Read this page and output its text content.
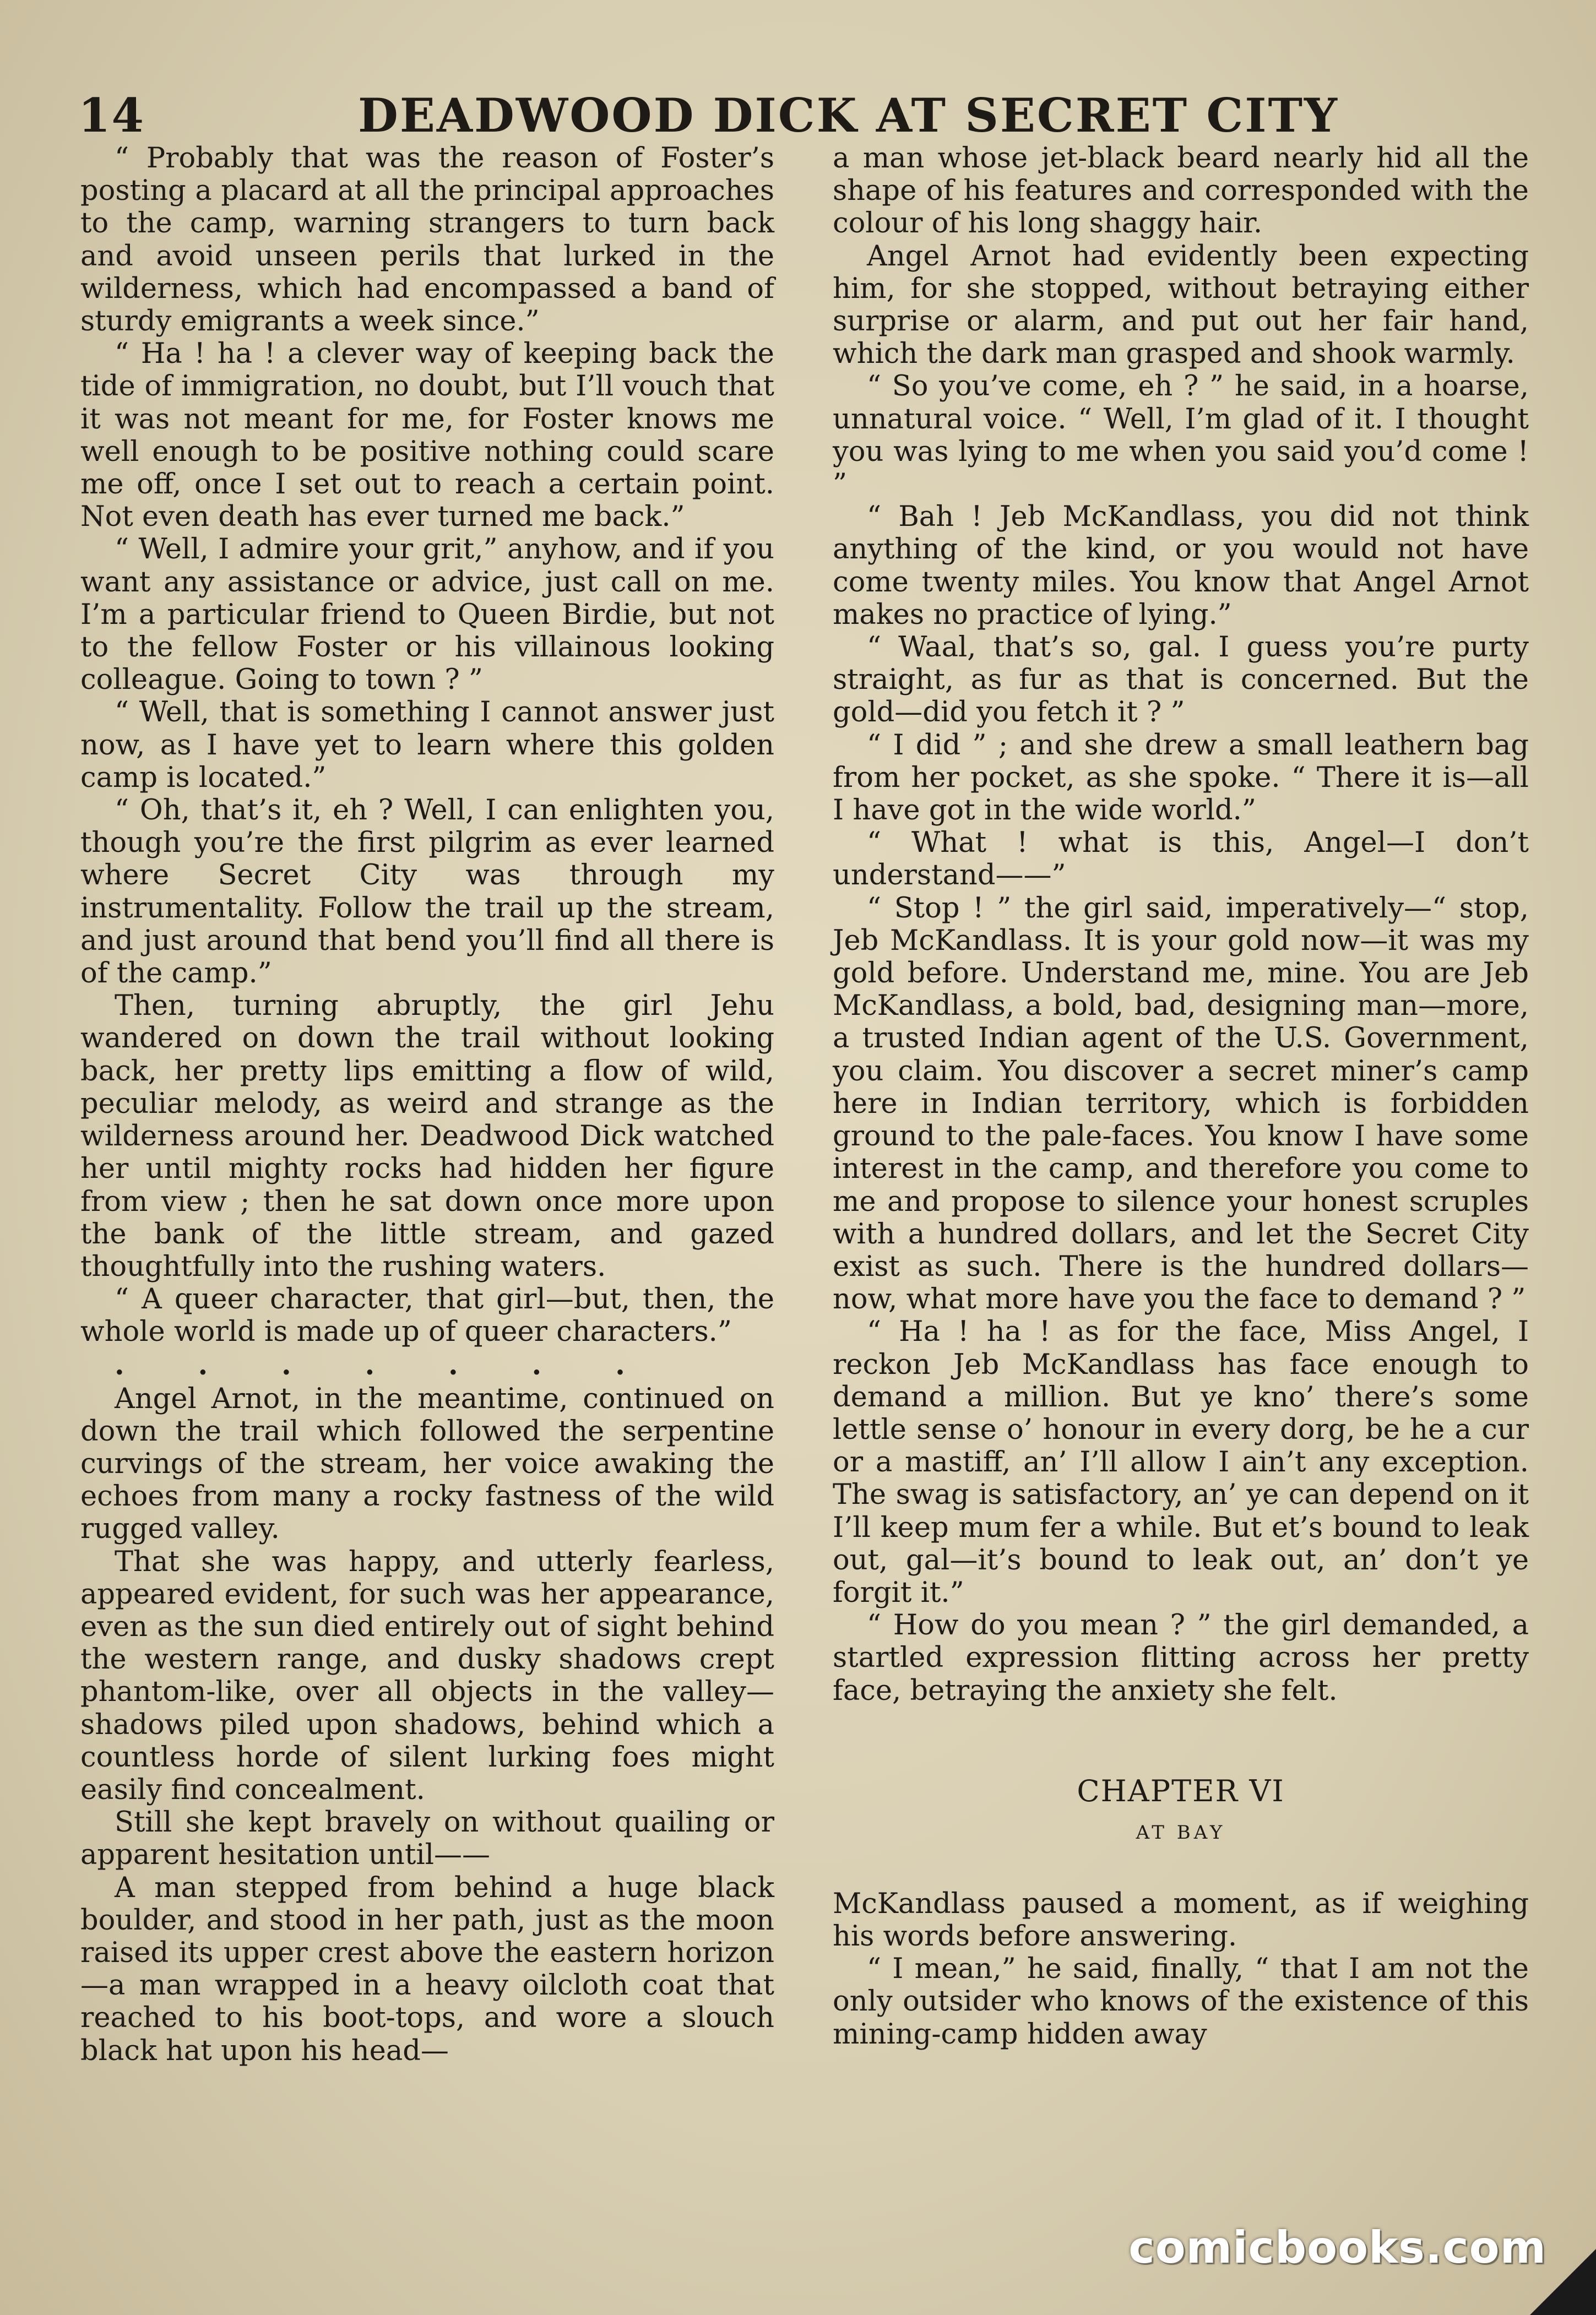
14	DEADWOOD DICK AT SECRET CITY

“ Probably that was the reason of Foster’s posting a placard at all the principal approaches to the camp, warning strangers to turn back and avoid unseen perils that lurked in the wilderness, which had encompassed a band of sturdy emigrants a week since.”

“ Ha ! ha ! a clever way of keeping back the tide of immigration, no doubt, but I’ll vouch that it was not meant for me, for Foster knows me well enough to be positive nothing could scare me off, once I set out to reach a certain point. Not even death has ever turned me back.”

“ Well, I admire your grit,” anyhow, and if you want any assistance or advice, just call on me. I’m a particular friend to Queen Birdie, but not to the fellow Foster or his villainous looking colleague. Going to town ? ”

“ Well, that is something I cannot answer just now, as I have yet to learn where this golden camp is located.”

“ Oh, that’s it, eh ? Well, I can enlighten you, though you’re the first pilgrim as ever learned where Secret City was through my instrumentality. Follow the trail up the stream, and just around that bend you’ll find all there is of the camp.”

Then, turning abruptly, the girl Jehu wandered on down the trail without looking back, her pretty lips emitting a flow of wild, peculiar melody, as weird and strange as the wilderness around her. Deadwood Dick watched her until mighty rocks had hidden her figure from view ; then he sat down once more upon the bank of the little stream, and gazed thoughtfully into the rushing waters.

“ A queer character, that girl—but, then, the whole world is made up of queer characters.”

. . . . . . .

Angel Arnot, in the meantime, continued on down the trail which followed the serpentine curvings of the stream, her voice awaking the echoes from many a rocky fastness of the wild rugged valley.

That she was happy, and utterly fearless, appeared evident, for such was her appearance, even as the sun died entirely out of sight behind the western range, and dusky shadows crept phantom-like, over all objects in the valley—shadows piled upon shadows, behind which a countless horde of silent lurking foes might easily find concealment.

Still she kept bravely on without quailing or apparent hesitation until——

A man stepped from behind a huge black boulder, and stood in her path, just as the moon raised its upper crest above the eastern horizon—a man wrapped in a heavy oilcloth coat that reached to his boot-tops, and wore a slouch black hat upon his head—

a man whose jet-black beard nearly hid all the shape of his features and corresponded with the colour of his long shaggy hair.

Angel Arnot had evidently been expecting him, for she stopped, without betraying either surprise or alarm, and put out her fair hand, which the dark man grasped and shook warmly.

“ So you’ve come, eh ? ” he said, in a hoarse, unnatural voice. “ Well, I’m glad of it. I thought you was lying to me when you said you’d come ! ”

“ Bah ! Jeb McKandlass, you did not think anything of the kind, or you would not have come twenty miles. You know that Angel Arnot makes no practice of lying.”

“ Waal, that’s so, gal. I guess you’re purty straight, as fur as that is concerned. But the gold—did you fetch it ? ”

“ I did ” ; and she drew a small leathern bag from her pocket, as she spoke. “ There it is—all I have got in the wide world.”

“ What ! what is this, Angel—I don’t understand——”

“ Stop ! ” the girl said, imperatively—“ stop, Jeb McKandlass. It is your gold now—it was my gold before. Understand me, mine. You are Jeb McKandlass, a bold, bad, designing man—more, a trusted Indian agent of the U.S. Government, you claim. You discover a secret miner’s camp here in Indian territory, which is forbidden ground to the pale-faces. You know I have some interest in the camp, and therefore you come to me and propose to silence your honest scruples with a hundred dollars, and let the Secret City exist as such. There is the hundred dollars—now, what more have you the face to demand ? ”

“ Ha ! ha ! as for the face, Miss Angel, I reckon Jeb McKandlass has face enough to demand a million. But ye kno’ there’s some lettle sense o’ honour in every dorg, be he a cur or a mastiff, an’ I’ll allow I ain’t any exception. The swag is satisfactory, an’ ye can depend on it I’ll keep mum fer a while. But et’s bound to leak out, gal—it’s bound to leak out, an’ don’t ye forgit it.”

“ How do you mean ? ” the girl demanded, a startled expression flitting across her pretty face, betraying the anxiety she felt.

CHAPTER VI
AT BAY

McKandlass paused a moment, as if weighing his words before answering.

“ I mean,” he said, finally, “ that I am not the only outsider who knows of the existence of this mining-camp hidden away

comicbooks.com
